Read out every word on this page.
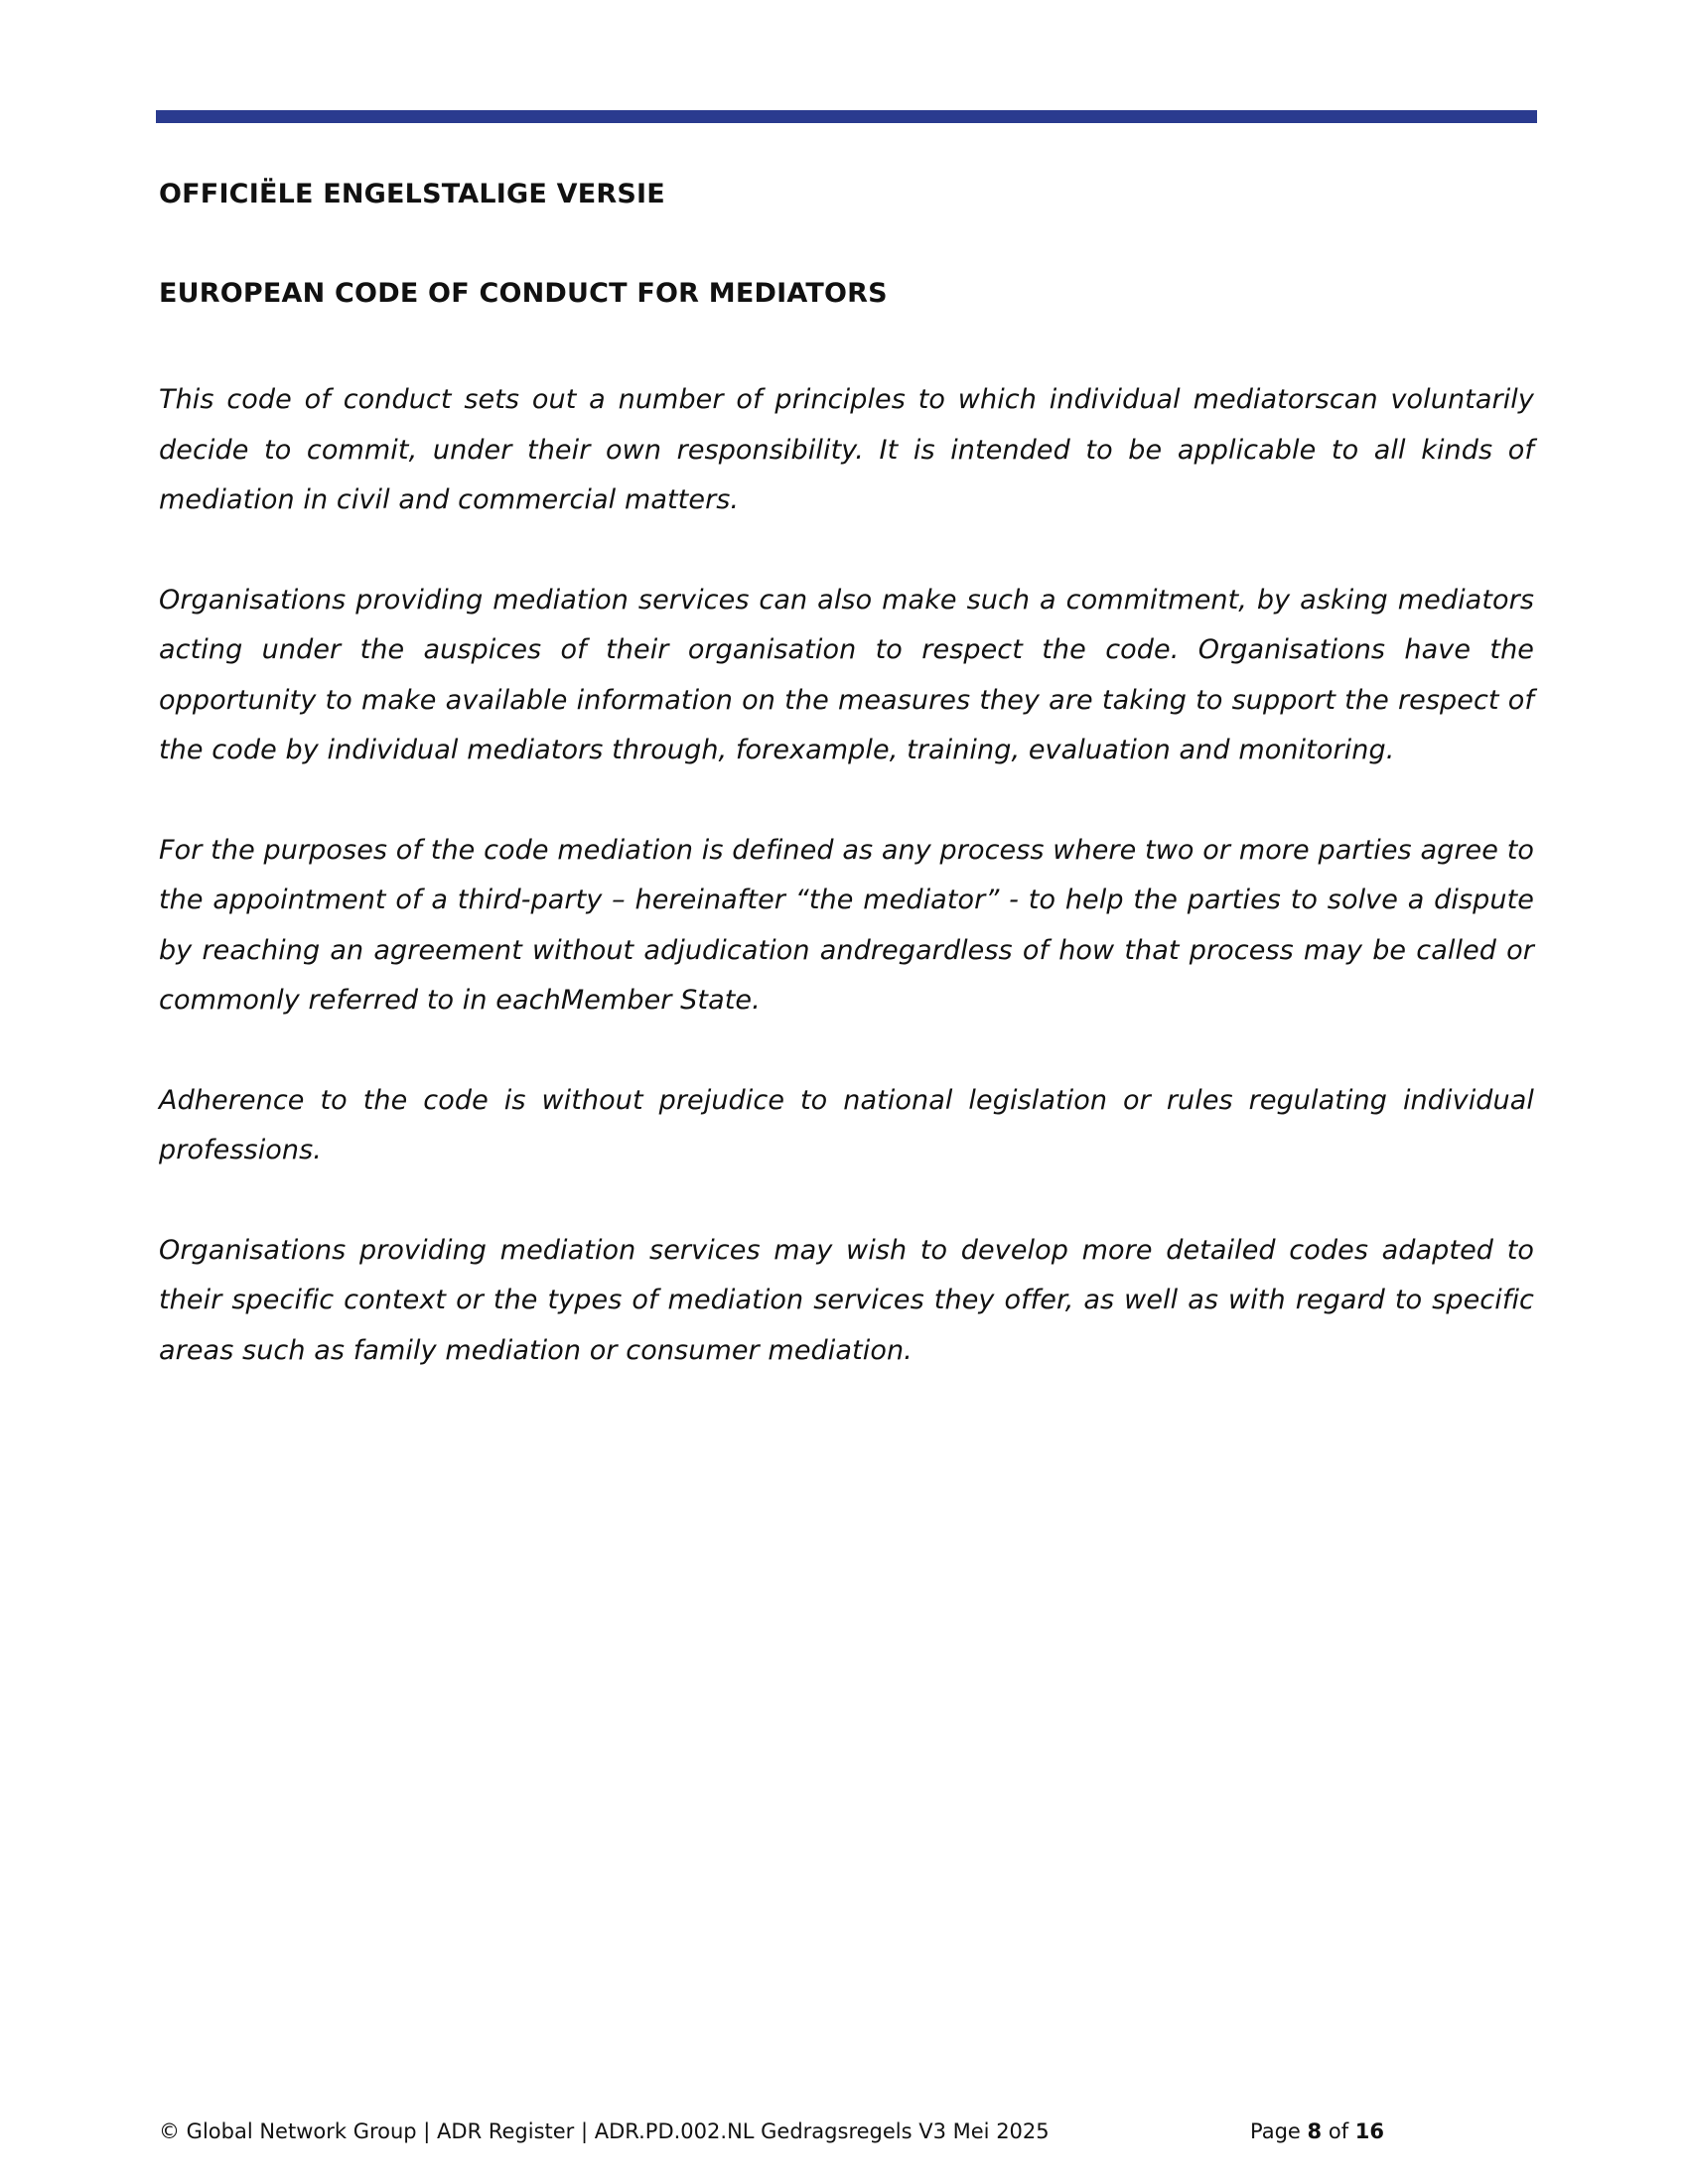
OFFICIËLE ENGELSTALIGE VERSIE
EUROPEAN CODE OF CONDUCT FOR MEDIATORS

This code of conduct sets out a number of principles to which individual mediatorscan voluntarily decide to commit, under their own responsibility. It is intended to be applicable to all kinds of mediation in civil and commercial matters.

Organisations providing mediation services can also make such a commitment, by asking mediators acting under the auspices of their organisation to respect the code. Organisations have the opportunity to make available information on the measures they are taking to support the respect of the code by individual mediators through, forexample, training, evaluation and monitoring.

For the purposes of the code mediation is defined as any process where two or more parties agree to the appointment of a third-party – hereinafter “the mediator” - to help the parties to solve a dispute by reaching an agreement without adjudication andregardless of how that process may be called or commonly referred to in eachMember State.

Adherence to the code is without prejudice to national legislation or rules regulating individual professions.

Organisations providing mediation services may wish to develop more detailed codes adapted to their specific context or the types of mediation services they offer, as well as with regard to specific areas such as family mediation or consumer mediation.

© Global Network Group | ADR Register | ADR.PD.002.NL Gedragsregels V3 Mei 2025	Page 8 of 16
